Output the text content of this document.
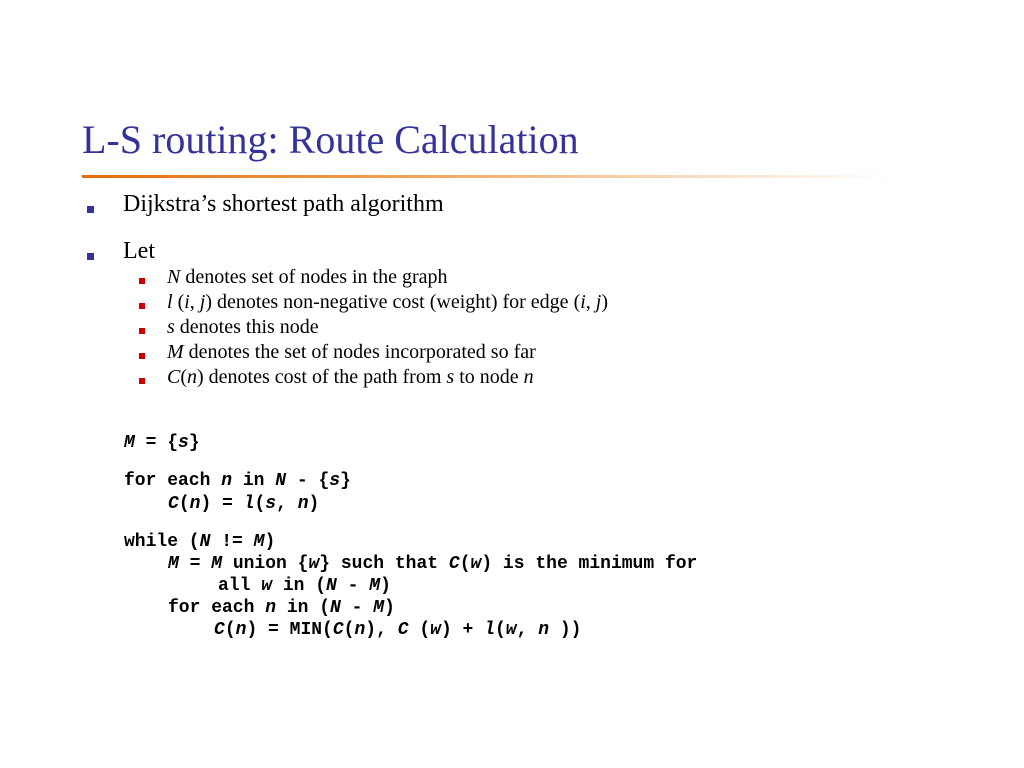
L-S routing: Route Calculation
Dijkstra’s shortest path algorithm
Let
N denotes set of nodes in the graph
l (i, j) denotes non-negative cost (weight) for edge (i, j)
s denotes this node
M denotes the set of nodes incorporated so far
C(n) denotes cost of the path from s to node n
M = {s}
for each n in N - {s}
C(n) = l(s, n)
while (N != M)
M = M union {w} such that C(w) is the minimum for
all w in (N - M)
for each n in (N - M)
C(n) = MIN(C(n), C (w) + l(w, n ))
